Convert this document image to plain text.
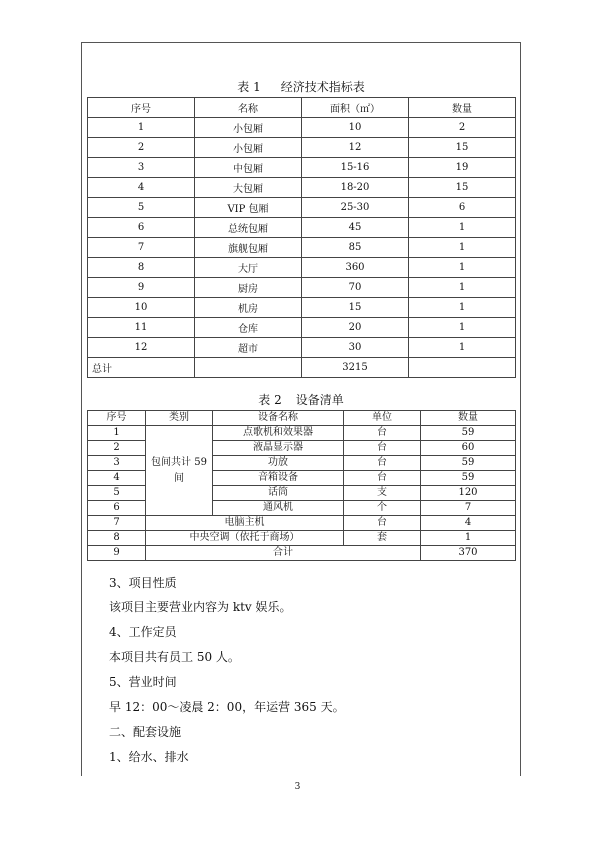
表 1 经济技术指标表
序号	名称	面积（㎡）	数量
1	小包厢	10	2
2	小包厢	12	15
3	中包厢	15-16	19
4	大包厢	18-20	15
5	VIP 包厢	25-30	6
6	总统包厢	45	1
7	旗舰包厢	85	1
8	大厅	360	1
9	厨房	70	1
10	机房	15	1
11	仓库	20	1
12	超市	30	1
总计		3215	
表 2 设备清单
序号	类别	设备名称	单位	数量
1	包间共计 59 间	点歌机和效果器	台	59
2		液晶显示器	台	60
3		功放	台	59
4		音箱设备	台	59
5		话筒	支	120
6		通风机	个	7
7	电脑主机		台	4
8	中央空调（依托于商场）		套	1
9	合计			370
3、项目性质
该项目主要营业内容为 ktv 娱乐。
4、工作定员
本项目共有员工 50 人。
5、营业时间
早 12：00～凌晨 2：00，年运营 365 天。
二、配套设施
1、给水、排水
3
